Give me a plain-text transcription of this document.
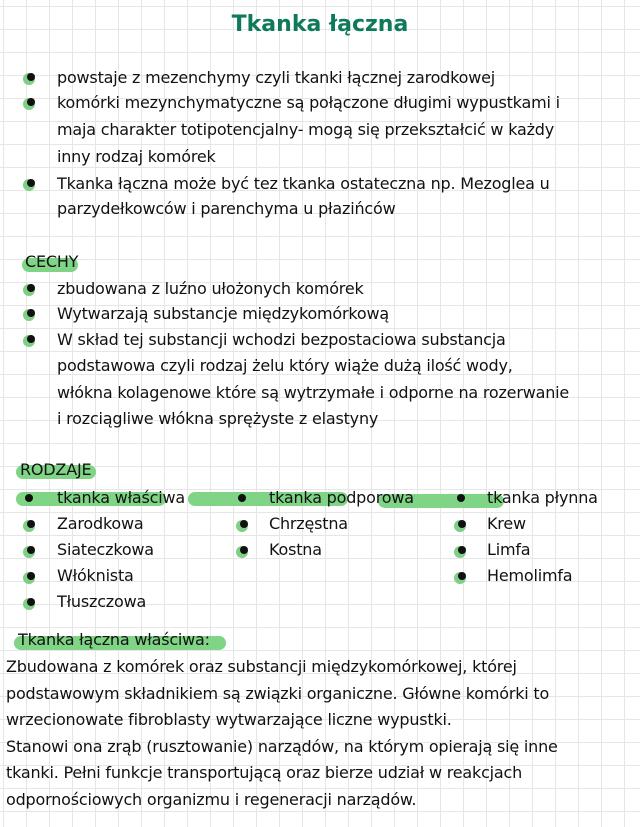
Tkanka łączna
powstaje z mezenchymy czyli tkanki łącznej zarodkowej
komórki mezynchymatyczne są połączone długimi wypustkami i
maja charakter totipotencjalny- mogą się przekształcić w każdy
inny rodzaj komórek
Tkanka łączna może być tez tkanka ostateczna np. Mezoglea u
parzydełkowców i parenchyma u płazińców
CECHY
zbudowana z luźno ułożonych komórek
Wytwarzają substancje międzykomórkową
W skład tej substancji wchodzi bezpostaciowa substancja
podstawowa czyli rodzaj żelu który wiąże dużą ilość wody,
włókna kolagenowe które są wytrzymałe i odporne na rozerwanie
i rozciągliwe włókna sprężyste z elastyny
RODZAJE
tkanka właściwa	tkanka podporowa	tkanka płynna
Zarodkowa
Siateczkowa
Włóknista
Tłuszczowa
Chrzęstna
Kostna
Krew
Limfa
Hemolimfa
Tkanka łączna właściwa:
Zbudowana z komórek oraz substancji międzykomórkowej, której
podstawowym składnikiem są związki organiczne. Główne komórki to
wrzecionowate fibroblasty wytwarzające liczne wypustki.
Stanowi ona zrąb (rusztowanie) narządów, na którym opierają się inne
tkanki. Pełni funkcje transportującą oraz bierze udział w reakcjach
odpornościowych organizmu i regeneracji narządów.
